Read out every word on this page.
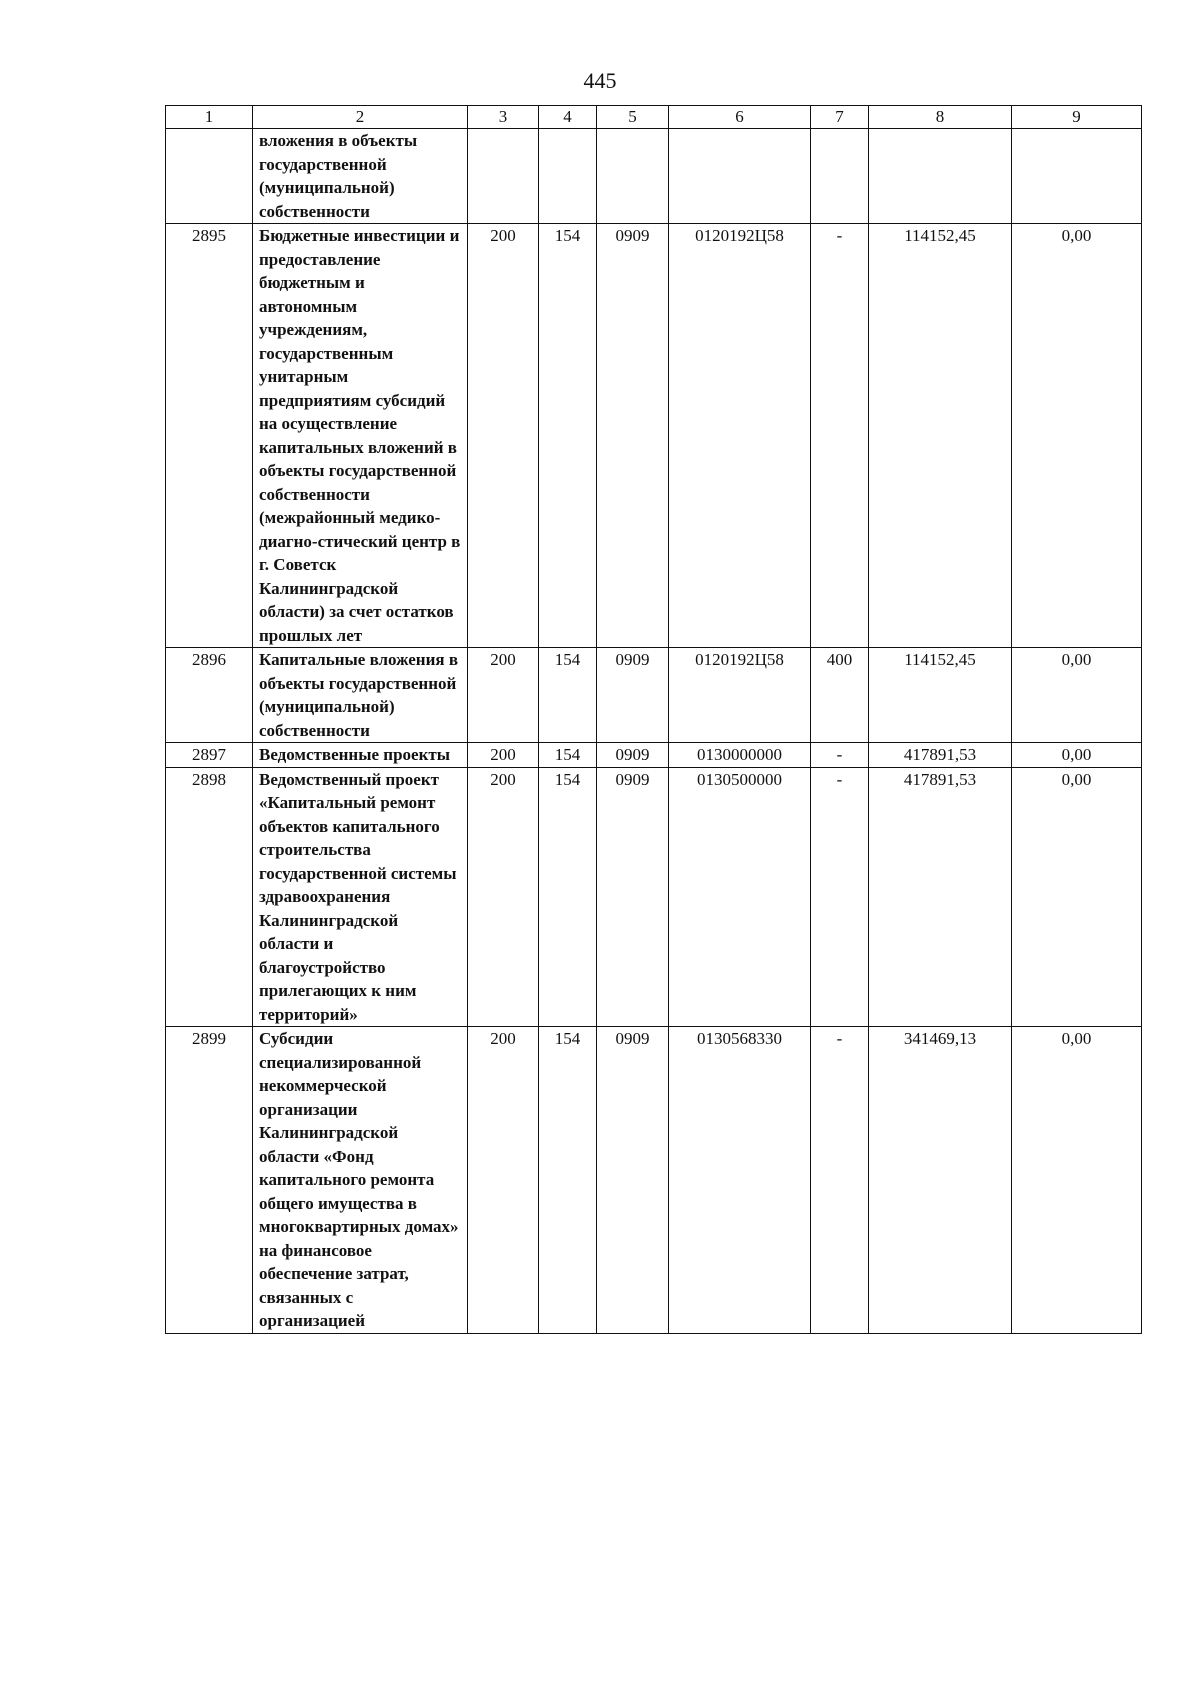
445
1	2	3	4	5	6	7	8	9
	вложения в объекты государственной (муниципальной) собственности							
2895	Бюджетные инвестиции и предоставление бюджетным и автономным учреждениям, государственным унитарным предприятиям субсидий на осуществление капитальных вложений в объекты государственной собственности (межрайонный медико-диагно-стический центр в г. Советск Калининградской области) за счет остатков прошлых лет	200	154	0909	0120192Ц58	-	114152,45	0,00
2896	Капитальные вложения в объекты государственной (муниципальной) собственности	200	154	0909	0120192Ц58	400	114152,45	0,00
2897	Ведомственные проекты	200	154	0909	0130000000	-	417891,53	0,00
2898	Ведомственный проект «Капитальный ремонт объектов капитального строительства государственной системы здравоохранения Калининградской области и благоустройство прилегающих к ним территорий»	200	154	0909	0130500000	-	417891,53	0,00
2899	Субсидии специализированной некоммерческой организации Калининградской области «Фонд капитального ремонта общего имущества в многоквартирных домах» на финансовое обеспечение затрат, связанных с организацией	200	154	0909	0130568330	-	341469,13	0,00
